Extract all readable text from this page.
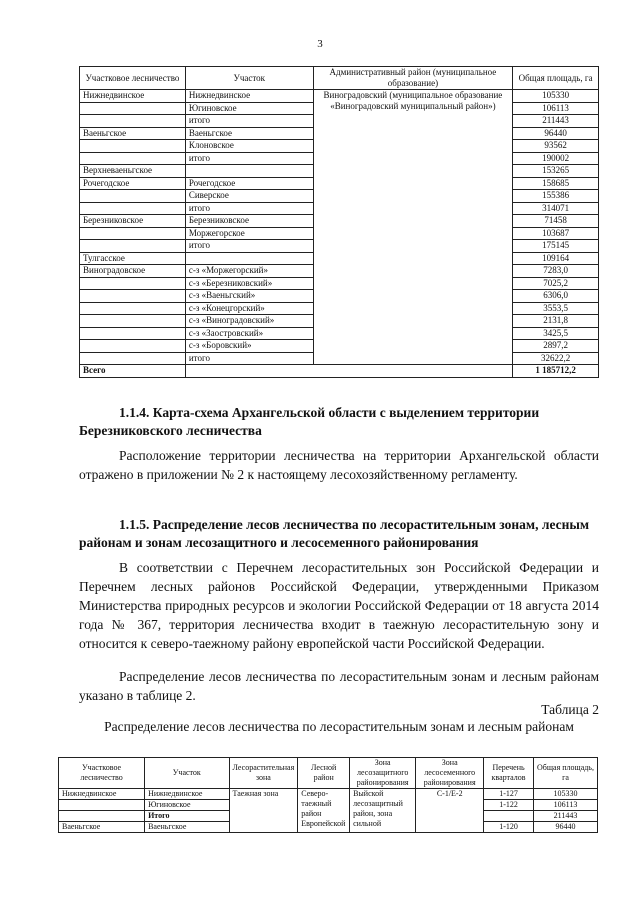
3
Участковое лесничество	Участок	Административный район (муниципальное образование)	Общая площадь, га
Нижнедвинское	Нижнедвинское	Виноградовский (муниципальное образование «Виноградовский муниципальный район»)	105330
	Югиновское		106113
	итого		211443
Ваеньгское	Ваеньгское		96440
	Клоновское		93562
	итого		190002
Верхневаеньгское			153265
Рочегодское	Рочегодское		158685
	Сиверское		155386
	итого		314071
Березниковское	Березниковское		71458
	Моржегорское		103687
	итого		175145
Тулгасское			109164
Виноградовское	с-з «Моржегорский»		7283,0
	с-з «Березниковский»		7025,2
	с-з «Ваеньгский»		6306,0
	с-з «Конецгорский»		3553,5
	с-з «Виноградовский»		2131,8
	с-з «Заостровский»		3425,5
	с-з «Боровский»		2897,2
	итого		32622,2
Всего			1 185712,2
1.1.4. Карта-схема Архангельской области с выделением территории Березниковского лесничества
Расположение территории лесничества на территории Архангельской области отражено в приложении № 2 к настоящему лесохозяйственному регламенту.
1.1.5. Распределение лесов лесничества по лесорастительным зонам, лесным районам и зонам лесозащитного и лесосеменного районирования
В соответствии с Перечнем лесорастительных зон Российской Федерации и Перечнем лесных районов Российской Федерации, утвержденными Приказом Министерства природных ресурсов и экологии Российской Федерации от 18 августа 2014 года № 367, территория лесничества входит в таежную лесорастительную зону и относится к северо-таежному району европейской части Российской Федерации.
Распределение лесов лесничества по лесорастительным зонам и лесным районам указано в таблице 2.
Таблица 2
Распределение лесов лесничества по лесорастительным зонам и лесным районам
Участковое лесничество	Участок	Лесорастительная зона	Лесной район	Зона лесозащитного районирования	Зона лесосеменного районирования	Перечень кварталов	Общая площадь, га
Нижнедвинское	Нижнедвинское	Таежная зона	Северо-таежный район Европейской	Выйской лесозащитный район, зона сильной	С-1/Е-2	1-127	105330
	Югиновское					1-122	106113
	Итого						211443
Ваеньгское	Ваеньгское					1-120	96440
